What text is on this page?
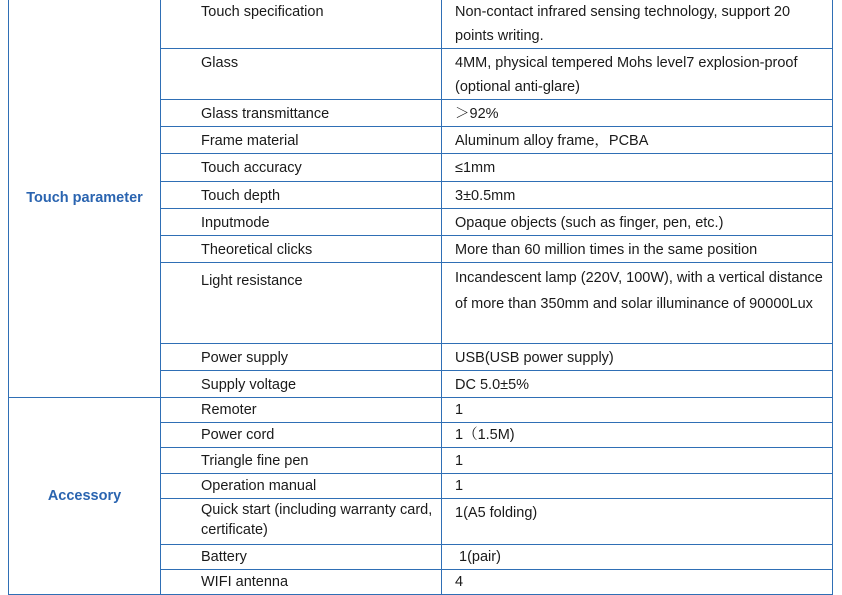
Touch parameter	Touch specification	Non-contact infrared sensing technology, support 20 points writing.
	Glass	4MM, physical tempered Mohs level7 explosion-proof (optional anti-glare)
	Glass transmittance	＞92%
	Frame material	Aluminum alloy frame，PCBA
	Touch accuracy	≤1mm
	Touch depth	3±0.5mm
	Inputmode	Opaque objects (such as finger, pen, etc.)
	Theoretical clicks	More than 60 million times in the same position
	Light resistance	Incandescent lamp (220V, 100W), with a vertical distance of more than 350mm and solar illuminance of 90000Lux
	Power supply	USB(USB power supply)
	Supply voltage	DC 5.0±5%
Accessory	Remoter	1
	Power cord	1（1.5M)
	Triangle fine pen	1
	Operation manual	1
	Quick start (including warranty card, certificate)	1(A5 folding)
	Battery	1(pair)
	WIFI antenna	4
